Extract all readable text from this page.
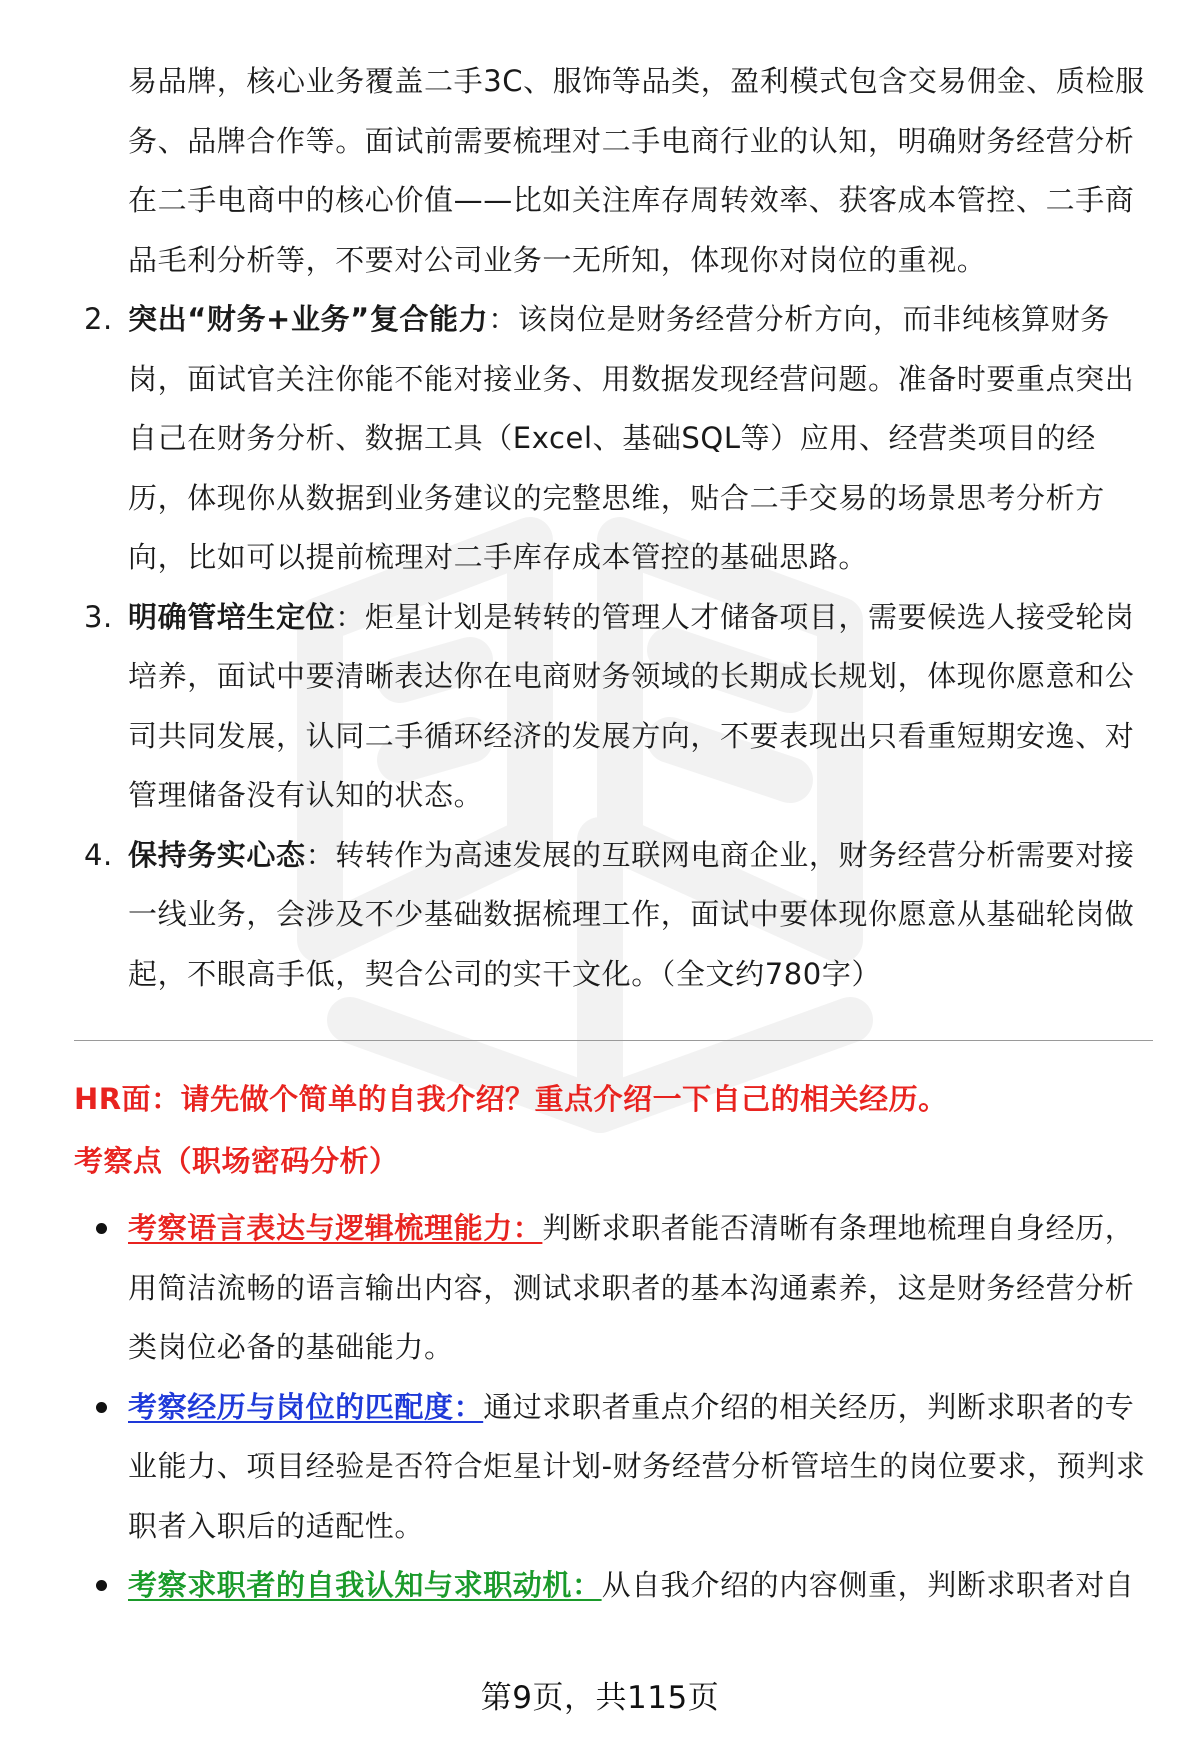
易品牌，核心业务覆盖二手3C、服饰等品类，盈利模式包含交易佣金、质检服务、品牌合作等。面试前需要梳理对二手电商行业的认知，明确财务经营分析在二手电商中的核心价值——比如关注库存周转效率、获客成本管控、二手商品毛利分析等，不要对公司业务一无所知，体现你对岗位的重视。

2. 突出“财务+业务”复合能力：该岗位是财务经营分析方向，而非纯核算财务岗，面试官关注你能不能对接业务、用数据发现经营问题。准备时要重点突出自己在财务分析、数据工具（Excel、基础SQL等）应用、经营类项目的经历，体现你从数据到业务建议的完整思维，贴合二手交易的场景思考分析方向，比如可以提前梳理对二手库存成本管控的基础思路。
3. 明确管培生定位：炬星计划是转转的管理人才储备项目，需要候选人接受轮岗培养，面试中要清晰表达你在电商财务领域的长期成长规划，体现你愿意和公司共同发展，认同二手循环经济的发展方向，不要表现出只看重短期安逸、对管理储备没有认知的状态。
4. 保持务实心态：转转作为高速发展的互联网电商企业，财务经营分析需要对接一线业务，会涉及不少基础数据梳理工作，面试中要体现你愿意从基础轮岗做起，不眼高手低，契合公司的实干文化。（全文约780字）
HR面：请先做个简单的自我介绍？重点介绍一下自己的相关经历。
考察点（职场密码分析）
考察语言表达与逻辑梳理能力：判断求职者能否清晰有条理地梳理自身经历，用简洁流畅的语言输出内容，测试求职者的基本沟通素养，这是财务经营分析类岗位必备的基础能力。
考察经历与岗位的匹配度：通过求职者重点介绍的相关经历，判断求职者的专业能力、项目经验是否符合炬星计划-财务经营分析管培生的岗位要求，预判求职者入职后的适配性。
考察求职者的自我认知与求职动机：从自我介绍的内容侧重，判断求职者对自
第9页，共115页
